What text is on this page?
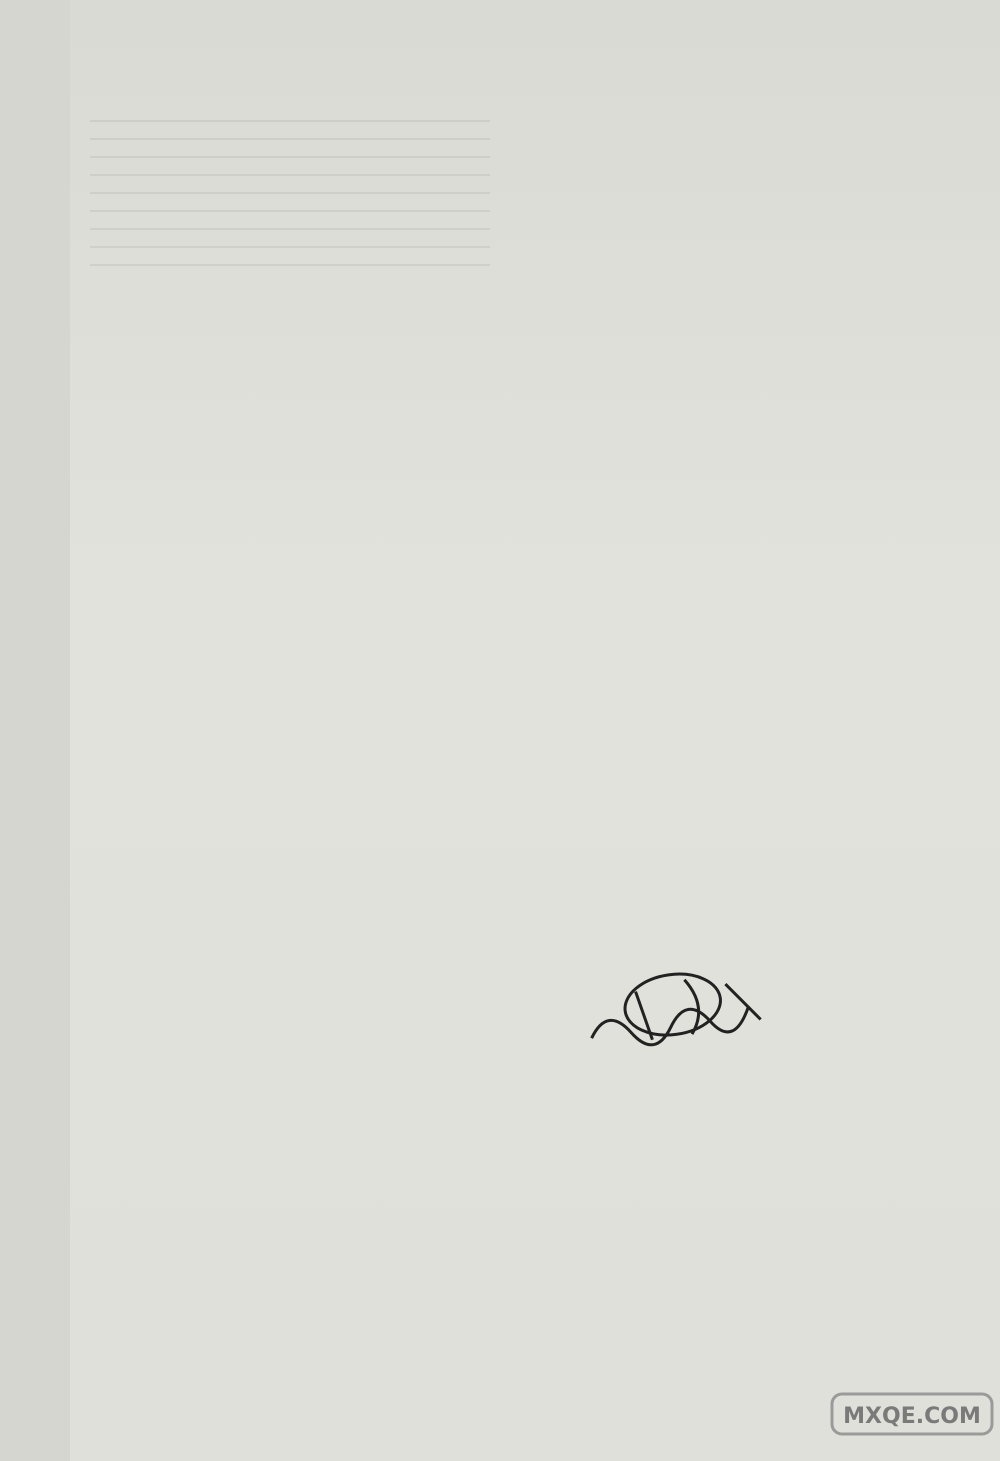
MXQE.COM
